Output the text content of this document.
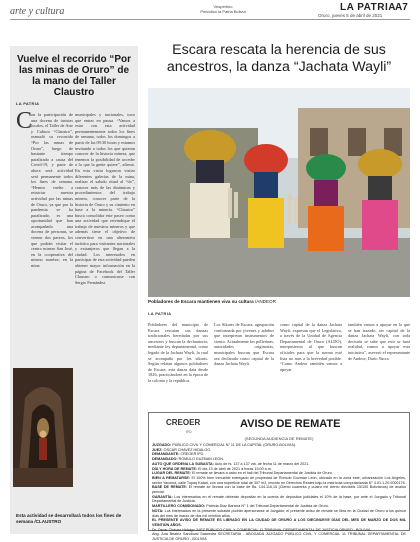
arte y cultura	Vespertino
Periódico la Patria Bolivia	LA PATRIA A7
Oruro, jueves 5 de abril de 2021
Vuelve el recorrido “Por las minas de Oruro” de la mano del Taller Claustro
LA PATRIA
C
on la participación de una docena de turistas locales, el Taller de Arte y Cultura “Claustro”, reanudó su recorrido “Por las minas de Oruro”, luego de bastante tiempo paralizado a causa del Covid-19, y parte de ahora será actividad será permanente todos los fines de semana. “Hemos vuelto a reiniciar nuestra actividad por las minas de Oruro, ya que por la pandemia se ha paralizado, es una oportunidad que han acompañado una docena de personas, se vienen dos paseos, los que podrán visitar el centro minero San José, en la cooperativa del mismo nombre, en la mina
municipales y nacionales, tuvo que entrar en pausa. “Vamos a estar con esta actividad permanentemente todos los fines de semana, todos los domingos a partir de las 09:30 horas y estamos invitando a todos los que quieran conocer de la historia minera, que tenemos la posibilidad de acceder a lo que la gente quiere”, afirmó. En esta visita lograron visitar diferentes galerías de la mina, realizar el saludo ritual al “tío”, conocer más de las dinámicas y procedimientos del trabajo minero, conocer parte de la historia de Oruro y su cimiento en base a la minería. “Claustro” busca consolidar este paseo como una actividad que reivindique el trabajo de nuestros mineros y que además tiene el objetivo de convertirse en una alternativa turística para visitantes nacionales y extranjeros que llegan a la ciudad. Los interesados en participar de esta actividad pueden obtener mayor información en la página de Facebook del Taller Claustro o comunicarse con Sergio Fernández.
Esta actividad se desarrollará todos los fines de semana /CLAUSTRO
Escara rescata la herencia de sus ancestros, la danza “Jachata Wayli”
Pobladores de Escara mantienen viva su cultura /ANDEOR
LA PATRIA
Pobladores del municipio de Escara rescatan sus danzas tradicionales heredadas por sus ancestros y buscan la declaratoria, mediante ley departamental, como legado de la Jachata Wayli, la cual se acompaña por los sikuris. Según relatan algunos pobladores de Escara, esta danza data desde 1826, practicándose en la época de la colonia y la república.
Los Sikuris de Escara, agrupación conformada por jóvenes y adultos que interpretan instrumentos de viento. Actualmente las pollerinas, autoridades originarias, municipales buscan que Escara sea declarado como capital de la danza Jachata Wayli.
como capital de la danza Jachata Wayli, expresan que el Legislativo, a través de la Unidad de Agencia Departamental de Oruro (ALDO), interpusieron al que buscan oficiales para que la norma esté lista no más a la brevedad posible. “Como Andeor también vamos a apoyar
también vamos a apoyar en lo que se han trazado, ser capital de la danza Jachata Wayli, con toda decisión se sabe que esto se hará realidad, vamos a apoyar esta iniciativa”, aseveró el representante de Andeor, Darío Yucra.
CREOER
IFD
AVISO DE REMATE
(SEGUNDA AUDIENCIA DE REMATE)
JUZGADO: PÚBLICO CIVIL Y COMERCIAL N° 11 DE LA CAPITAL (ORURO-BOLIVIA).
JUEZ: OSCAR CHAVEZ HIDALGO.
DEMANDANTE: CREOER IFD.
DEMANDADO: ROMULO GUZMAN LEON.
AUTO QUE ORDENA LA SUBASTA: Auto de fs. 137 a 137 vta. de fecha 11 de marzo del 2021.
DÍA Y HORA DE REMATE: El día 13 de abril de 2021 a horas 15:00 a.m.
LUGAR DEL REMATE: El remate se llevara a cabo en el hall del Tribunal Departamental de Justicia de Oruro.
BIEN A REMATARSE: El 100% bien inmueble entregado de propiedad de Romulo Guzman León, ubicado en la zona este, urbanización Los Angeles, sector Yacoma, calle Tupaq Katari, con una superficie total de 307 m2, inscrito en Derechos Reales bajo la matrícula computarizada N° 4.01.1.20.0000176.
BASE DE REMATE: El remate se llevará con la base de Bs. 144.116,15 (Ciento cuarenta y cuatro mil ciento dieciséis 15/100 Bolivianos) de avalúo pericial.
GARANTÍA: Los interesados en el remate deberán depositar en la cuenta de depósitos judiciales el 10% de la base, por ante el Juzgado y Tribunal Departamental de Justicia.
MARTILLERO COMISIONADO: Patricia Diaz Barrera N° 1 del Tribunal Departamental de Justicia de Oruro.
NOTA: Los interesados en la presente subasta podrán apersonarse al Juzgado; el presente aviso de remate se libra en la Ciudad de Oruro a los quince días del mes de marzo de dos mil veintiún años.
EL PRESENTE AVISO DE REMATE ES LIBRADO EN LA CIUDAD DE ORURO A LOS DIECINUEVE DÍAS DEL MES DE MARZO DE DOS MIL VEINTIÚN AÑOS.
Dr. Oscar Chávez Hidalgo JUEZ PÚBLICO CIVIL Y COMERCIAL 11 TRIBUNAL DEPARTAMENTAL DE JUSTICIA ORURO - BOLIVIA
Abg. Ana Beatriz Sandoval Saavedra SECRETARIA - ABOGADA JUZGADO PÚBLICO CIVIL Y COMERCIAL 11 TRIBUNAL DEPARTAMENTAL DE JUSTICIA DE ORURO - BOLIVIA
